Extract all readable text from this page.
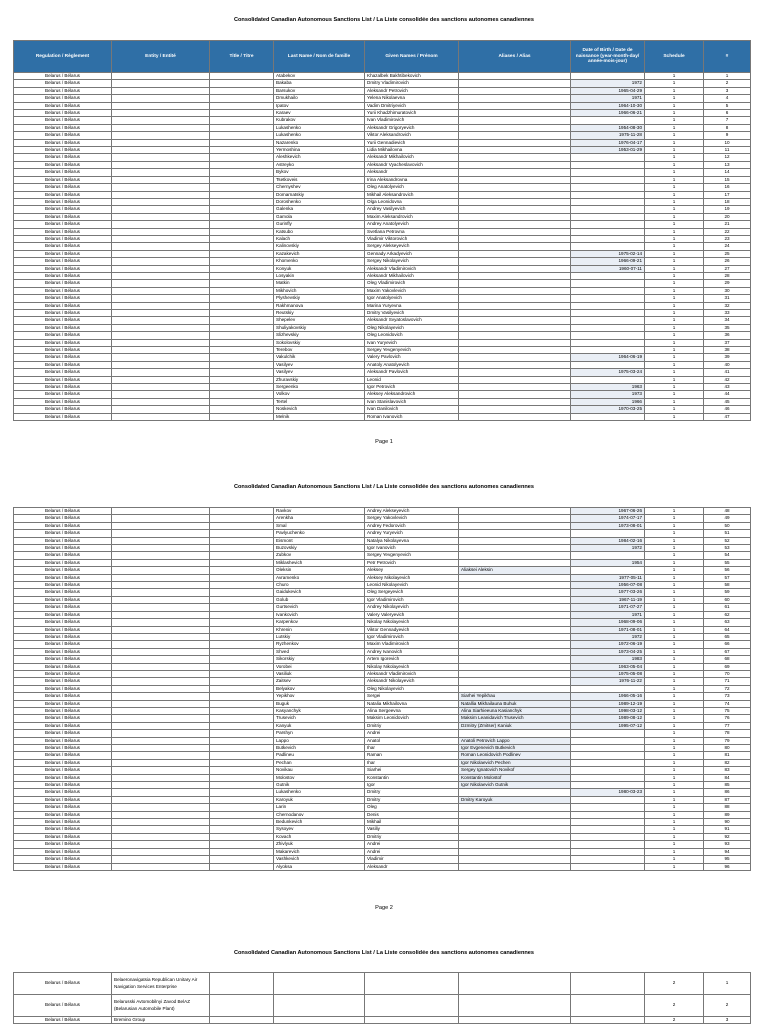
Consolidated Canadian Autonomous Sanctions List / La Liste consolidée des sanctions autonomes canadiennes
Regulation / Règlement	Entity / Entité	Title / Titre	Last Name / Nom de famille	Given Names / Prénom	Aliases / Alias	Date of Birth / Date de naissance (year-month-day/ année-mois-jour)	Schedule	#
Belarus / Bélarus			Atabekov	Khazalbek Bakhtibekovich			1	1
Belarus / Bélarus			Bakaba	Dmitry Vladimirovich		1972	1	2
Belarus / Bélarus			Barsukov	Aleksandr Petrovich		1965-04-29	1	3
Belarus / Bélarus			Dmukhailo	Yelena Nikolaevna		1971	1	4
Belarus / Bélarus			Ipatov	Vadim Dmitriyevich		1964-10-30	1	5
Belarus / Bélarus			Karaev	Yurii Khadzhimuratovich		1966-06-21	1	6
Belarus / Bélarus			Kubrakov	Ivan Vladimirovich			1	7
Belarus / Bélarus			Lukashenko	Aleksandr Grigoryevich		1954-08-30	1	8
Belarus / Bélarus			Lukashenko	Viktor Aleksandrovich		1975-11-28	1	9
Belarus / Bélarus			Nazarenko	Yurii Gennadievich		1976-04-17	1	10
Belarus / Bélarus			Yermoshina	Lidia Mikhailovna		1953-01-29	1	11
Belarus / Bélarus			Aleshkevich	Aleksandr Mikhailovich			1	12
Belarus / Bélarus			Astreyko	Aleksandr Vyacheslavovich			1	13
Belarus / Bélarus			Bykov	Aleksandr			1	14
Belarus / Bélarus			Tsetkoveis	Irina Aleksandrovna			1	15
Belarus / Bélarus			Chernyshev	Oleg Anatolyevich			1	16
Belarus / Bélarus			Domarnatskiy	Mikhail Aleksandrovich			1	17
Belarus / Bélarus			Doroshenko	Olga Leonidovna			1	18
Belarus / Bélarus			Galenka	Andrey Vasilyevich			1	19
Belarus / Bélarus			Gamola	Maxim Aleksandrovich			1	20
Belarus / Bélarus			Gurinfly	Andrey Anatolyevich			1	21
Belarus / Bélarus			Katsubo	Svetlana Petrovna			1	22
Belarus / Bélarus			Kalach	Vladimir Viktorovich			1	23
Belarus / Bélarus			Kalinovskiy	Sergey Alekseyevich			1	24
Belarus / Bélarus			Kazakevich	Gennady Arkadyevich		1975-02-14	1	25
Belarus / Bélarus			Khomenko	Sergey Nikolayevich		1966-09-21	1	26
Belarus / Bélarus			Konyuk	Aleksandr Vladimirovich		1960-07-11	1	27
Belarus / Bélarus			Losyakin	Aleksandr Mikhailovich			1	28
Belarus / Bélarus			Matkin	Oleg Vladimirovich			1	29
Belarus / Bélarus			Mikhovich	Maxim Yakovlevich			1	30
Belarus / Bélarus			Plyshevskiy	Igor Anatolyevich			1	31
Belarus / Bélarus			Rakhmanova	Marina Yuryevna			1	32
Belarus / Bélarus			Reutskiy	Dmitry Vasilyevich			1	33
Belarus / Bélarus			Shepelev	Aleksandr Svyatoslavovich			1	34
Belarus / Bélarus			Shuliyakovskiy	Oleg Nikolayevich			1	35
Belarus / Bélarus			Slizhevskiy	Oleg Leonidovich			1	36
Belarus / Bélarus			Sokolovskiy	Ivan Yuryevich			1	37
Belarus / Bélarus			Terebov	Sergey Yevgenyevich			1	38
Belarus / Bélarus			Vakulchik	Valery Pavlovich		1964-06-19	1	39
Belarus / Bélarus			Vasilyev	Anatoly Anatolyevich			1	40
Belarus / Bélarus			Vasilyev	Aleksandr Pavlovich		1975-03-24	1	41
Belarus / Bélarus			Zhuravskiy	Leonid			1	42
Belarus / Bélarus			Sergeenko	Igor Petrovich		1963	1	43
Belarus / Bélarus			Volkov	Aleksey Aleksandrovich		1973	1	44
Belarus / Bélarus			Tertel	Ivan Stanislavovich		1966	1	45
Belarus / Bélarus			Noskevich	Ivan Danilovich		1970-03-25	1	46
Belarus / Bélarus			Melnik	Roman Ivanovich			1	47
Page 1
Consolidated Canadian Autonomous Sanctions List / La Liste consolidée des sanctions autonomes canadiennes
Belarus / Bélarus			Ravkov	Andrey Alekseyevich		1967-06-26	1	48
Belarus / Bélarus			Arenkha	Sergey Yakovlevich		1974-07-17	1	49
Belarus / Bélarus			Smal	Andrey Fedorovich		1973-08-01	1	50
Belarus / Bélarus			Pavlyuchenko	Andrey Yuryevich			1	51
Belarus / Bélarus			Eismont	Natalya Nikolayevna		1984-02-16	1	52
Belarus / Bélarus			Buzovskiy	Igor Ivanovich		1972	1	53
Belarus / Bélarus			Zubkov	Sergey Yevgenyevich			1	54
Belarus / Bélarus			Miklashevich	Petr Petrovich		1954	1	55
Belarus / Bélarus			Oleksin	Aleksey	Aliaksei Aleksin		1	56
Belarus / Bélarus			Avramenko	Aleksey Nikolayevich		1977-05-11	1	57
Belarus / Bélarus			Churo	Leonid Nikolayevich		1956-07-08	1	58
Belarus / Bélarus			Gaidukevich	Oleg Sergeyevich		1977-03-26	1	59
Belarus / Bélarus			Golub	Igor Vladimirovich		1967-11-19	1	60
Belarus / Bélarus			Gurtsevich	Andrey Nikolayevich		1971-07-27	1	61
Belarus / Bélarus			Ivankovich	Valery Valeryevich		1971	1	62
Belarus / Bélarus			Karpenkov	Nikolay Nikolayevich		1968-09-06	1	63
Belarus / Bélarus			Khrenin	Viktor Gennadyevich		1971-08-01	1	64
Belarus / Bélarus			Lutskiy	Igor Vladimirovich		1972	1	65
Belarus / Bélarus			Ryzhenkov	Maxim Vladimirovich		1972-06-19	1	66
Belarus / Bélarus			Shved	Andrey Ivanovich		1973-04-25	1	67
Belarus / Bélarus			Sikorskiy	Artem Igorevich		1983	1	68
Belarus / Bélarus			Vorobei	Nikolay Nikolayevich		1963-05-04	1	69
Belarus / Bélarus			Vasiliuk	Aleksandr Vladimirovich		1975-05-08	1	70
Belarus / Bélarus			Zaitsev	Aleksandr Nikolayevich		1976-11-22	1	71
Belarus / Bélarus			Belyakov	Oleg Nikolayevich			1	72
Belarus / Bélarus			Yepikhov	Sergei	Siarhei Yepikhau	1966-05-16	1	73
Belarus / Bélarus			Buguk	Natalia Mikhailovna	Natallia Mikhailauna Buhuk	1989-12-19	1	74
Belarus / Bélarus			Kasyanchyk	Alina Sergeevna	Alina Siarhieeuna Kasianchyk	1998-03-12	1	75
Belarus / Bélarus			Trusevich	Maksim Leonidovich	Maksim Leanidavich Trusevich	1989-08-12	1	76
Belarus / Bélarus			Kanyuk	Dmitriy	Dzmitry (Zmitser) Kaniuk	1995-07-12	1	77
Belarus / Bélarus			Parshyn	Andrei			1	78
Belarus / Bélarus			Lappo	Anatol	Anatoli Petrovich Lappo		1	79
Belarus / Bélarus			Butkevich	Ihar	Igor Evgenevich Butkevich		1	80
Belarus / Bélarus			Padlineu	Raman	Roman Leonidovich Podlinev		1	81
Belarus / Bélarus			Pechan	Ihar	Igor Nikolaevich Pechen		1	82
Belarus / Bélarus			Novikau	Siarhei	Sergey Ignatovich Novikof		1	83
Belarus / Bélarus			Molostov	Konstantin	Konstantin Molostof		1	84
Belarus / Bélarus			Gutnik	Igor	Igor Nikolaevich Gutnik		1	85
Belarus / Bélarus			Lukashenko	Dmitry		1980-03-23	1	86
Belarus / Bélarus			Karoyuk	Dmitry	Dmitry Karoyuk		1	87
Belarus / Bélarus			Larin	Oleg			1	88
Belarus / Bélarus			Chernodanov	Denis			1	89
Belarus / Bélarus			Bedunkevich	Mikhail			1	90
Belarus / Bélarus			Sysoyev	Vasiliy			1	91
Belarus / Bélarus			Kovach	Dmitriy			1	92
Belarus / Bélarus			Zhivlyuk	Andrei			1	93
Belarus / Bélarus			Makarevich	Andrei			1	94
Belarus / Bélarus			Vashkevich	Vladimir			1	95
Belarus / Bélarus			Alyoksa	Aleksandr			1	96
Page 2
Consolidated Canadian Autonomous Sanctions List / La Liste consolidée des sanctions autonomes canadiennes
Belarus / Bélarus	Belaeronavigatsia Republican Unitary Air Navigation Services Enterprise						2	1
Belarus / Bélarus	Belarusski Avtomobilnyi Zavod BelAZ (Belarusian Automobile Plant)						2	2
Belarus / Bélarus	Bremino Group						2	3
